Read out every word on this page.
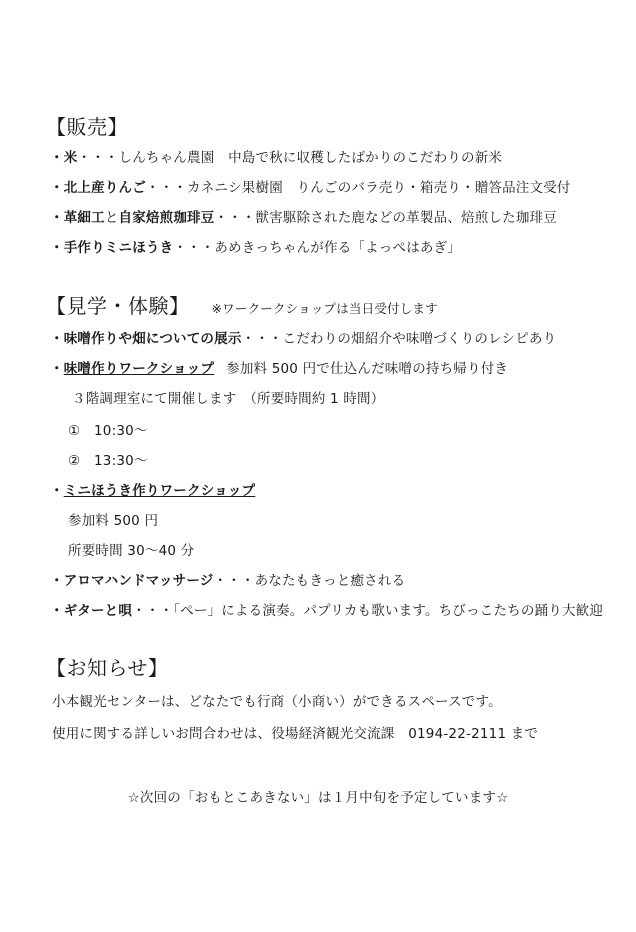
【販売】
・米・・・しんちゃん農園　中島で秋に収穫したばかりのこだわりの新米
・北上産りんご・・・カネニシ果樹園　りんごのバラ売り・箱売り・贈答品注文受付
・革細工と自家焙煎珈琲豆・・・獣害駆除された鹿などの革製品、焙煎した珈琲豆
・手作りミニほうき・・・あめきっちゃんが作る「よっぺはあぎ」
【見学・体験】 ※ワークークショップは当日受付します
・味噌作りや畑についての展示・・・こだわりの畑紹介や味噌づくりのレシピあり
・味噌作りワークショップ 参加料 500 円で仕込んだ味噌の持ち帰り付き
３階調理室にて開催します　（所要時間約 1 時間）
①　10:30～
②　13:30～
・ミニほうき作りワークショップ
参加料 500 円
所要時間 30～40 分
・アロマハンドマッサージ・・・あなたもきっと癒される
・ギターと唄・・・「ぺー」による演奏。パプリカも歌います。ちびっこたちの踊り大歓迎
【お知らせ】
小本観光センターは、どなたでも行商（小商い）ができるスペースです。
使用に関する詳しいお問合わせは、役場経済観光交流課　0194-22-2111 まで
☆次回の「おもとこあきない」は１月中旬を予定しています☆
